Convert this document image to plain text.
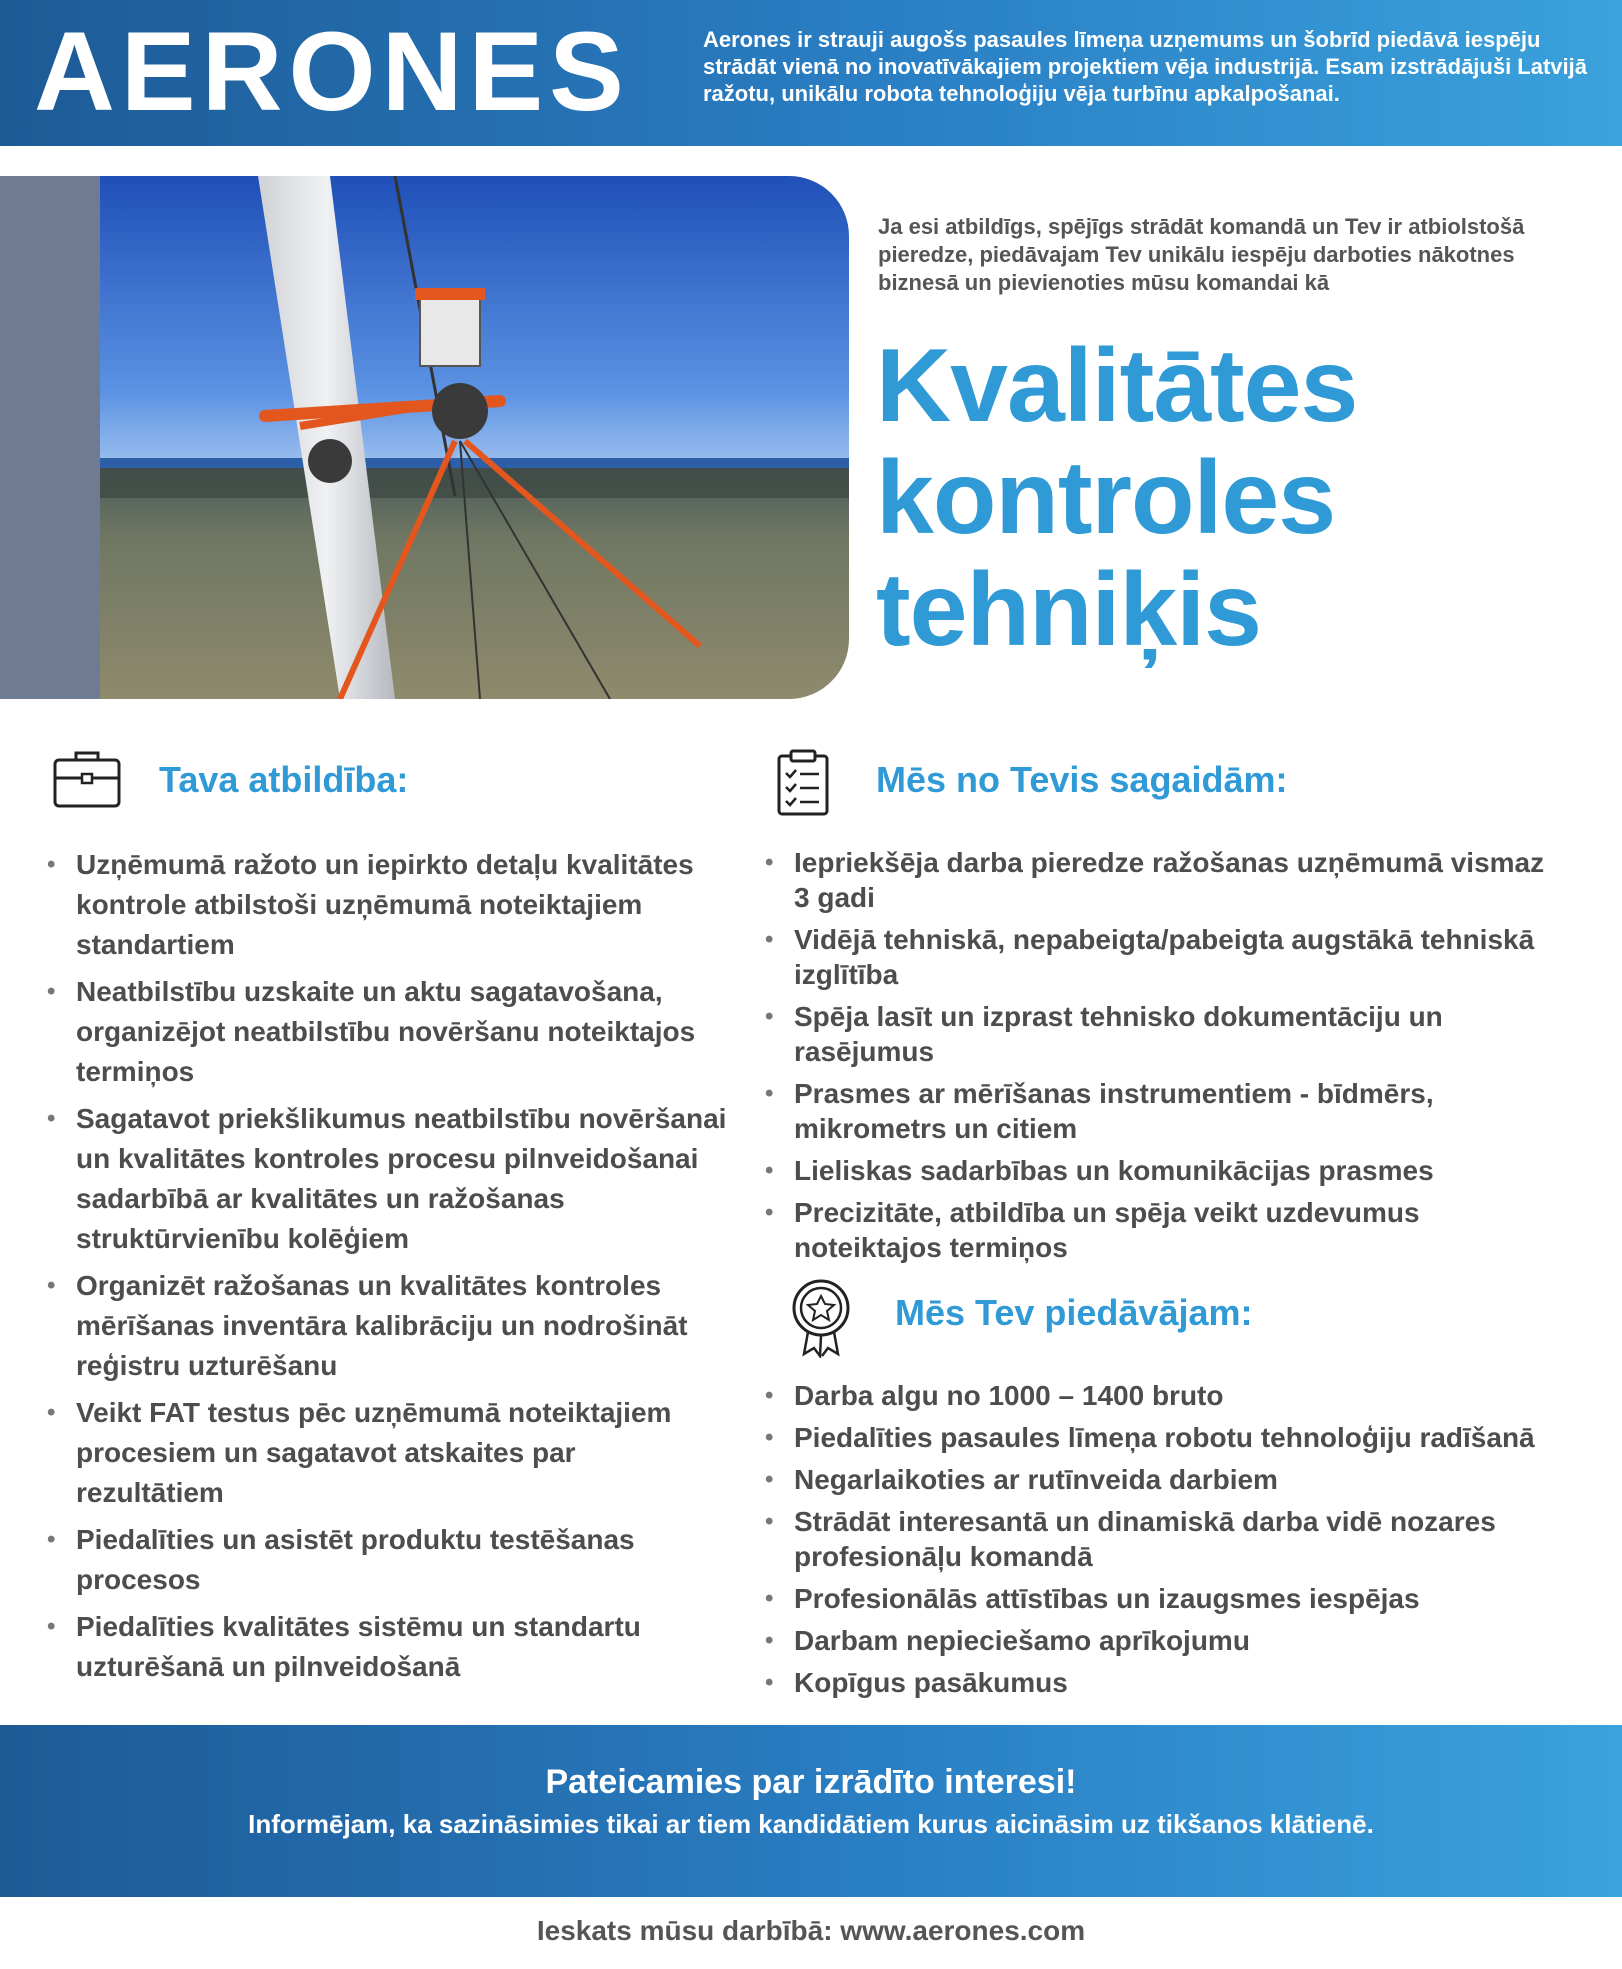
AERONES	Aerones ir strauji augošs pasaules līmeņa uzņemums un šobrīd piedāvā iespēju strādāt vienā no inovatīvākajiem projektiem vēja industrijā. Esam izstrādājuši Latvijā ražotu, unikālu robota tehnoloģiju vēja turbīnu apkalpošanai.
Ja esi atbildīgs, spējīgs strādāt komandā un Tev ir atbiolstošā pieredze, piedāvajam Tev unikālu iespēju darboties nākotnes biznesā un pievienoties mūsu komandai kā
Kvalitātes
kontroles
tehniķis
Tava atbildība:
• Uzņēmumā ražoto un iepirkto detaļu kvalitātes kontrole atbilstoši uzņēmumā noteiktajiem standartiem
• Neatbilstību uzskaite un aktu sagatavošana, organizējot neatbilstību novēršanu noteiktajos termiņos
• Sagatavot priekšlikumus neatbilstību novēršanai un kvalitātes kontroles procesu pilnveidošanai sadarbībā ar kvalitātes un ražošanas struktūrvienību kolēģiem
• Organizēt ražošanas un kvalitātes kontroles mērīšanas inventāra kalibrāciju un nodrošināt reģistru uzturēšanu
• Veikt FAT testus pēc uzņēmumā noteiktajiem procesiem un sagatavot atskaites par rezultātiem
• Piedalīties un asistēt produktu testēšanas procesos
• Piedalīties kvalitātes sistēmu un standartu uzturēšanā un pilnveidošanā
Mēs no Tevis sagaidām:
• Iepriekšēja darba pieredze ražošanas uzņēmumā vismaz 3 gadi
• Vidējā tehniskā, nepabeigta/pabeigta augstākā tehniskā izglītība
• Spēja lasīt un izprast tehnisko dokumentāciju un rasējumus
• Prasmes ar mērīšanas instrumentiem - bīdmērs, mikrometrs un citiem
• Lieliskas sadarbības un komunikācijas prasmes
• Precizitāte, atbildība un spēja veikt uzdevumus noteiktajos termiņos
Mēs Tev piedāvājam:
• Darba algu no 1000 – 1400 bruto
• Piedalīties pasaules līmeņa robotu tehnoloģiju radīšanā
• Negarlaikoties ar rutīnveida darbiem
• Strādāt interesantā un dinamiskā darba vidē nozares profesionāļu komandā
• Profesionālās attīstības un izaugsmes iespējas
• Darbam nepieciešamo aprīkojumu
• Kopīgus pasākumus
Pateicamies par izrādīto interesi!
Informējam, ka sazināsimies tikai ar tiem kandidātiem kurus aicināsim uz tikšanos klātienē.
Ieskats mūsu darbībā: www.aerones.com
